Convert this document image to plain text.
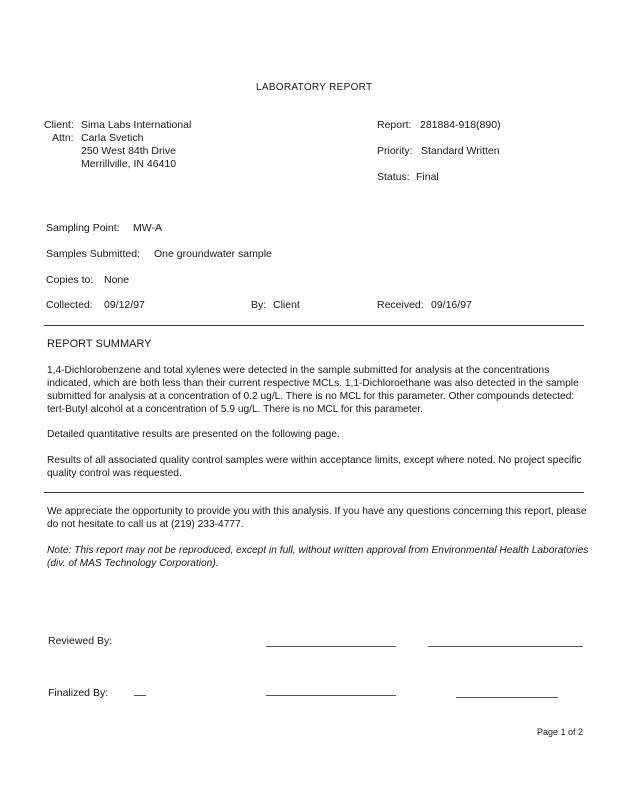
LABORATORY REPORT
Client: Sima Labs International
Attn: Carla Svetich
250 West 84th Drive
Merrillville, IN 46410
Report: 281884-918(890)
Priority: Standard Written
Status: Final
Sampling Point: MW-A
Samples Submitted: One groundwater sample
Copies to: None
Collected: 09/12/97	By: Client	Received: 09/16/97
REPORT SUMMARY
1,4-Dichlorobenzene and total xylenes were detected in the sample submitted for analysis at the concentrations indicated, which are both less than their current respective MCLs. 1,1-Dichloroethane was also detected in the sample submitted for analysis at a concentration of 0.2 ug/L. There is no MCL for this parameter. Other compounds detected: tert-Butyl alcohol at a concentration of 5.9 ug/L. There is no MCL for this parameter.
Detailed quantitative results are presented on the following page.
Results of all associated quality control samples were within acceptance limits, except where noted. No project specific quality control was requested.
We appreciate the opportunity to provide you with this analysis. If you have any questions concerning this report, please do not hesitate to call us at (219) 233-4777.
Note: This report may not be reproduced, except in full, without written approval from Environmental Health Laboratories (div. of MAS Technology Corporation).
Reviewed By:
Finalized By:
Page 1 of 2
